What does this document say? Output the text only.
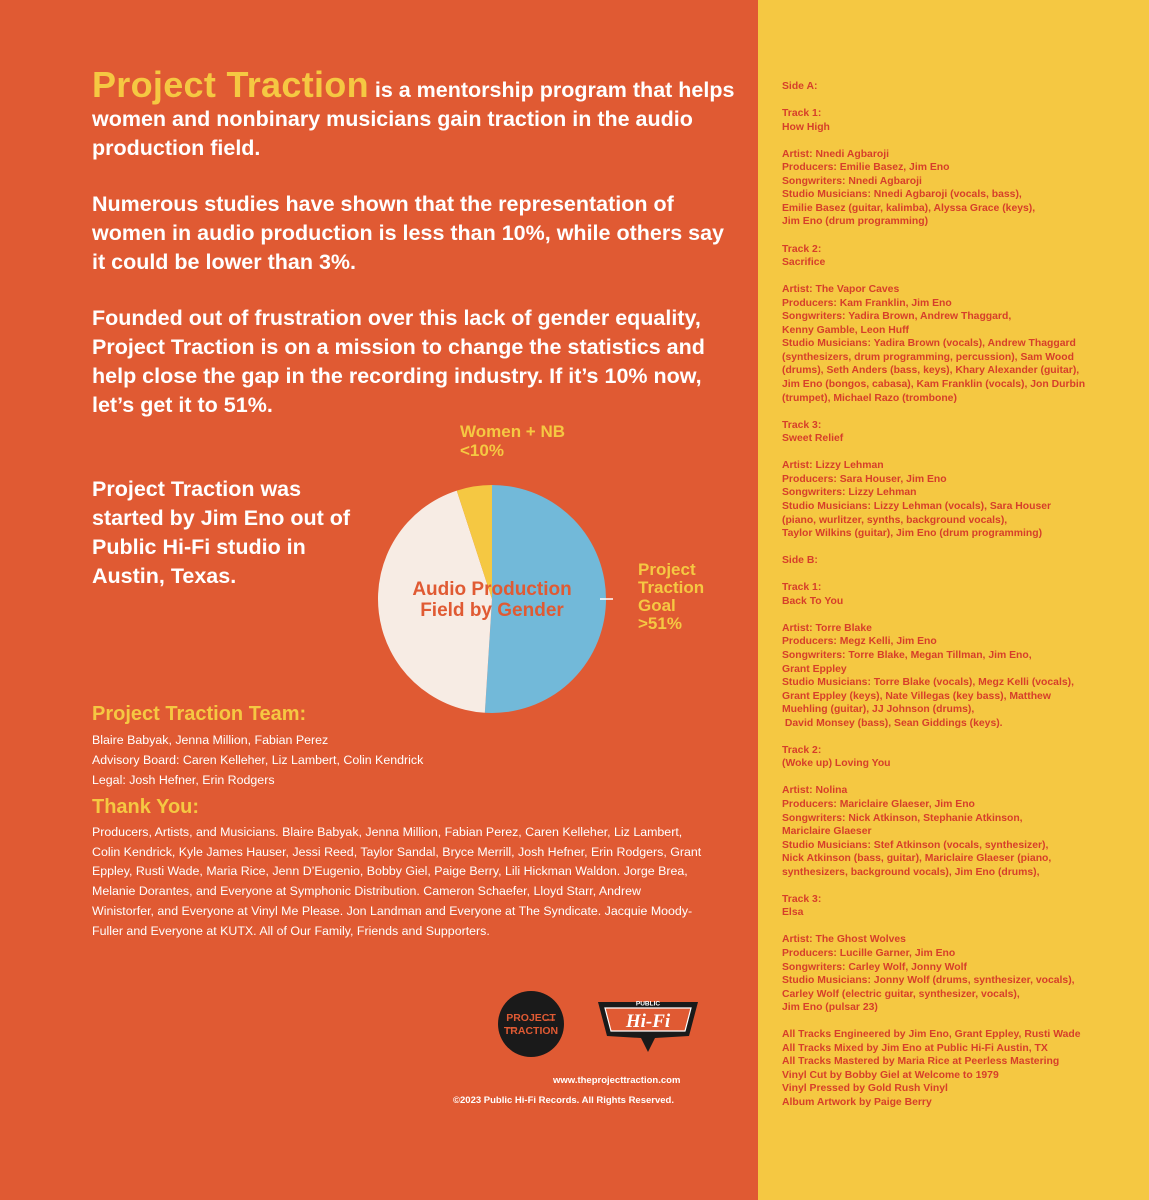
Project Traction is a mentorship program that helps women and nonbinary musicians gain traction in the audio production field.

Numerous studies have shown that the representation of women in audio production is less than 10%, while others say it could be lower than 3%.

Founded out of frustration over this lack of gender equality, Project Traction is on a mission to change the statistics and help close the gap in the recording industry. If it’s 10% now,
let’s get it to 51%.

Project Traction was started by Jim Eno out of Public Hi-Fi studio in Austin, Texas.

Audio Production
Field by Gender
Women + NB
<10%
Project
Traction
Goal
>51%
Project Traction Team:
Blaire Babyak, Jenna Million, Fabian Perez
Advisory Board: Caren Kelleher, Liz Lambert, Colin Kendrick
Legal: Josh Hefner, Erin Rodgers
Thank You:

Producers, Artists, and Musicians. Blaire Babyak, Jenna Million, Fabian Perez, Caren Kelleher, Liz Lambert, Colin Kendrick, Kyle James Hauser, Jessi Reed, Taylor Sandal, Bryce Merrill, Josh Hefner, Erin Rodgers, Grant Eppley, Rusti Wade, Maria Rice, Jenn D’Eugenio, Bobby Giel, Paige Berry, Lili Hickman Waldon. Jorge Brea, Melanie Dorantes, and Everyone at Symphonic Distribution. Cameron Schaefer, Lloyd Starr, Andrew Winistorfer, and Everyone at Vinyl Me Please. Jon Landman and Everyone at The Syndicate. Jacquie Moody-Fuller and Everyone at KUTX. All of Our Family, Friends and Supporters.

PROJECT
TRACTION
PUBLIC
Hi-Fi
www.theprojecttraction.com
©2023 Public Hi-Fi Records. All Rights Reserved.
Side A:
Track 1:
How High
Artist: Nnedi Agbaroji
Producers: Emilie Basez, Jim Eno
Songwriters: Nnedi Agbaroji
Studio Musicians: Nnedi Agbaroji (vocals, bass),
Emilie Basez (guitar, kalimba), Alyssa Grace (keys),
Jim Eno (drum programming)
Track 2:
Sacrifice
Artist: The Vapor Caves
Producers: Kam Franklin, Jim Eno
Songwriters: Yadira Brown, Andrew Thaggard,
Kenny Gamble, Leon Huff
Studio Musicians: Yadira Brown (vocals), Andrew Thaggard
(synthesizers, drum programming, percussion), Sam Wood
(drums), Seth Anders (bass, keys), Khary Alexander (guitar),
Jim Eno (bongos, cabasa), Kam Franklin (vocals), Jon Durbin
(trumpet), Michael Razo (trombone)
Track 3:
Sweet Relief
Artist: Lizzy Lehman
Producers: Sara Houser, Jim Eno
Songwriters: Lizzy Lehman
Studio Musicians: Lizzy Lehman (vocals), Sara Houser
(piano, wurlitzer, synths, background vocals),
Taylor Wilkins (guitar), Jim Eno (drum programming)
Side B:
Track 1:
Back To You
Artist: Torre Blake
Producers: Megz Kelli, Jim Eno
Songwriters: Torre Blake, Megan Tillman, Jim Eno,
Grant Eppley
Studio Musicians: Torre Blake (vocals), Megz Kelli (vocals),
Grant Eppley (keys), Nate Villegas (key bass), Matthew
Muehling (guitar), JJ Johnson (drums),
David Monsey (bass), Sean Giddings (keys).
Track 2:
(Woke up) Loving You
Artist: Nolina
Producers: Mariclaire Glaeser, Jim Eno
Songwriters: Nick Atkinson, Stephanie Atkinson,
Mariclaire Glaeser
Studio Musicians: Stef Atkinson (vocals, synthesizer),
Nick Atkinson (bass, guitar), Mariclaire Glaeser (piano,
synthesizers, background vocals), Jim Eno (drums),
Track 3:
Elsa
Artist: The Ghost Wolves
Producers: Lucille Garner, Jim Eno
Songwriters: Carley Wolf, Jonny Wolf
Studio Musicians: Jonny Wolf (drums, synthesizer, vocals),
Carley Wolf (electric guitar, synthesizer, vocals),
Jim Eno (pulsar 23)
All Tracks Engineered by Jim Eno, Grant Eppley, Rusti Wade
All Tracks Mixed by Jim Eno at Public Hi-Fi Austin, TX
All Tracks Mastered by Maria Rice at Peerless Mastering
Vinyl Cut by Bobby Giel at Welcome to 1979
Vinyl Pressed by Gold Rush Vinyl
Album Artwork by Paige Berry
